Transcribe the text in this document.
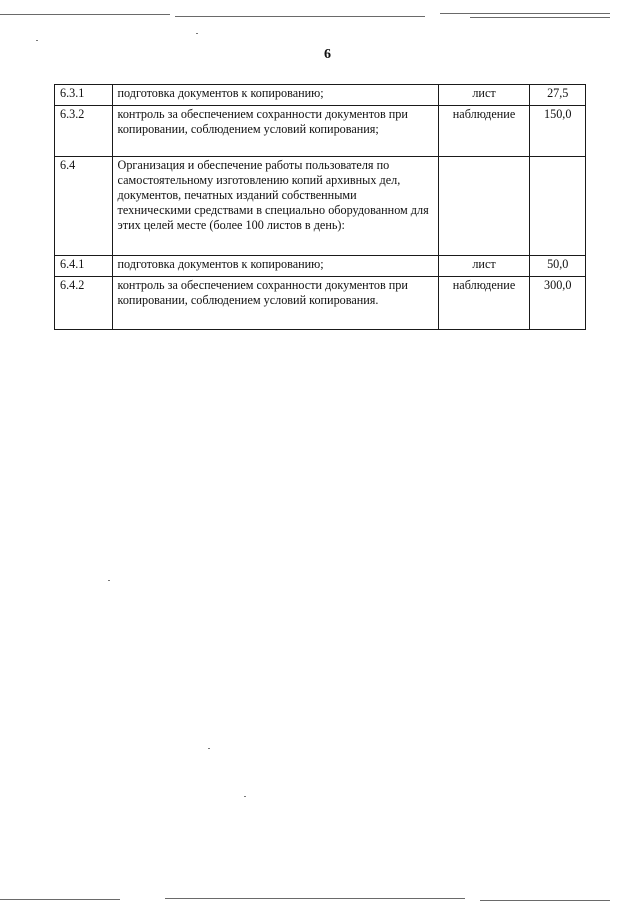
6
6.3.1	подготовка документов к копированию;	лист	27,5
6.3.2	контроль за обеспечением сохранности документов при копировании, соблюдением условий копирования;	наблюдение	150,0
6.4	Организация и обеспечение работы пользователя по самостоятельному изготовлению копий архивных дел, документов, печатных изданий собственными техническими средствами в специально оборудованном для этих целей месте (более 100 листов в день):		
6.4.1	подготовка документов к копированию;	лист	50,0
6.4.2	контроль за обеспечением сохранности документов при копировании, соблюдением условий копирования.	наблюдение	300,0
